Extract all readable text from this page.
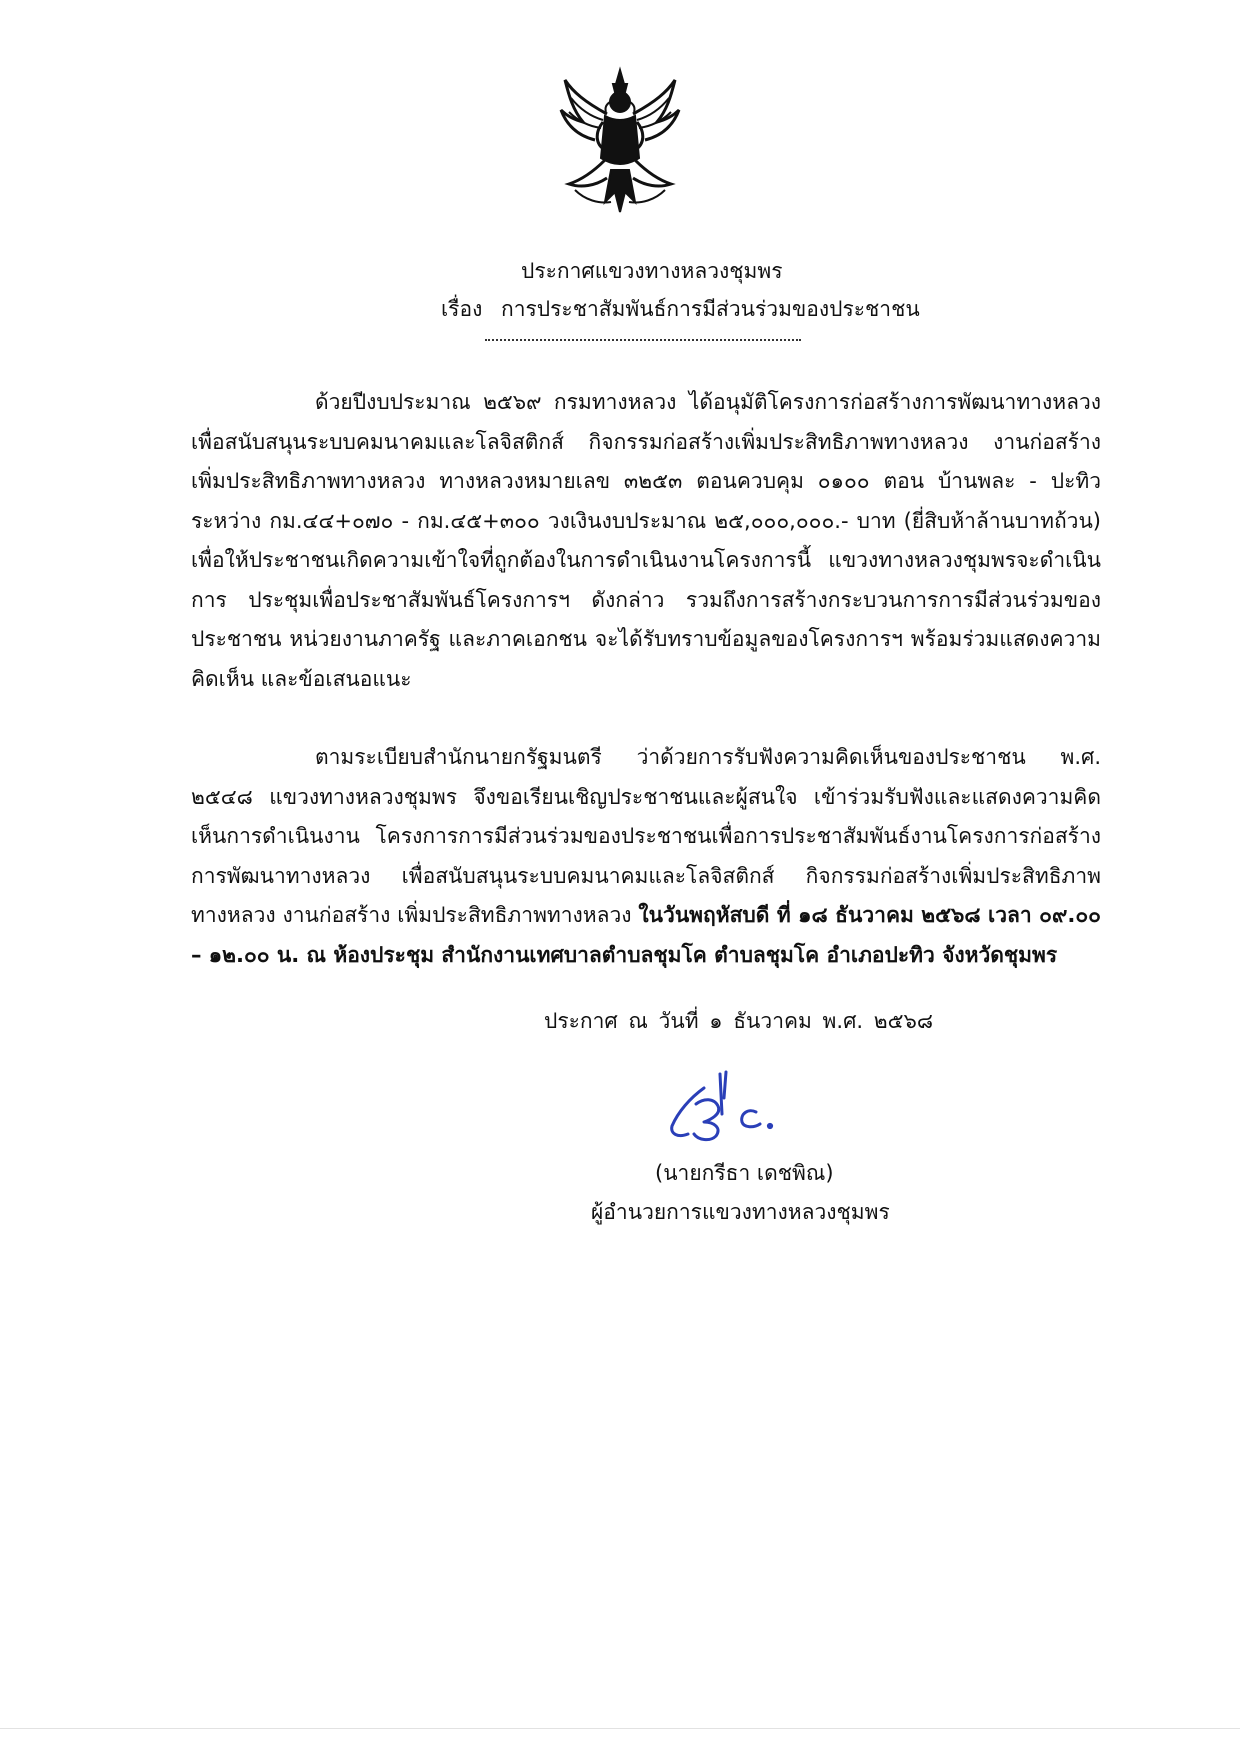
ประกาศแขวงทางหลวงชุมพร
เรื่อง การประชาสัมพันธ์การมีส่วนร่วมของประชาชน

ด้วยปีงบประมาณ ๒๕๖๙ กรมทางหลวง ได้อนุมัติโครงการก่อสร้างการพัฒนาทางหลวง เพื่อสนับสนุนระบบคมนาคมและโลจิสติกส์ กิจกรรมก่อสร้างเพิ่มประสิทธิภาพทางหลวง งานก่อสร้าง เพิ่มประสิทธิภาพทางหลวง ทางหลวงหมายเลข ๓๒๕๓ ตอนควบคุม ๐๑๐๐ ตอน บ้านพละ - ปะทิว ระหว่าง กม.๔๔+๐๗๐ - กม.๔๕+๓๐๐ วงเงินงบประมาณ ๒๕,๐๐๐,๐๐๐.- บาท (ยี่สิบห้าล้านบาทถ้วน) เพื่อให้ประชาชนเกิดความเข้าใจที่ถูกต้องในการดำเนินงานโครงการนี้ แขวงทางหลวงชุมพรจะดำเนินการ ประชุมเพื่อประชาสัมพันธ์โครงการฯ ดังกล่าว รวมถึงการสร้างกระบวนการการมีส่วนร่วมของประชาชน หน่วยงานภาครัฐ และภาคเอกชน จะได้รับทราบข้อมูลของโครงการฯ พร้อมร่วมแสดงความคิดเห็น และข้อเสนอแนะ

ตามระเบียบสำนักนายกรัฐมนตรี ว่าด้วยการรับฟังความคิดเห็นของประชาชน พ.ศ. ๒๕๔๘ แขวงทางหลวงชุมพร จึงขอเรียนเชิญประชาชนและผู้สนใจ เข้าร่วมรับฟังและแสดงความคิดเห็นการดำเนินงาน โครงการการมีส่วนร่วมของประชาชนเพื่อการประชาสัมพันธ์งานโครงการก่อสร้างการพัฒนาทางหลวง เพื่อสนับสนุนระบบคมนาคมและโลจิสติกส์ กิจกรรมก่อสร้างเพิ่มประสิทธิภาพทางหลวง งานก่อสร้าง เพิ่มประสิทธิภาพทางหลวง ในวันพฤหัสบดี ที่ ๑๘ ธันวาคม ๒๕๖๘ เวลา ๐๙.๐๐ – ๑๒.๐๐ น. ณ ห้องประชุม สำนักงานเทศบาลตำบลชุมโค ตำบลชุมโค อำเภอปะทิว จังหวัดชุมพร

ประกาศ ณ วันที่ ๑ ธันวาคม พ.ศ. ๒๕๖๘
(นายกรีธา เดชพิณ)
ผู้อำนวยการแขวงทางหลวงชุมพร
